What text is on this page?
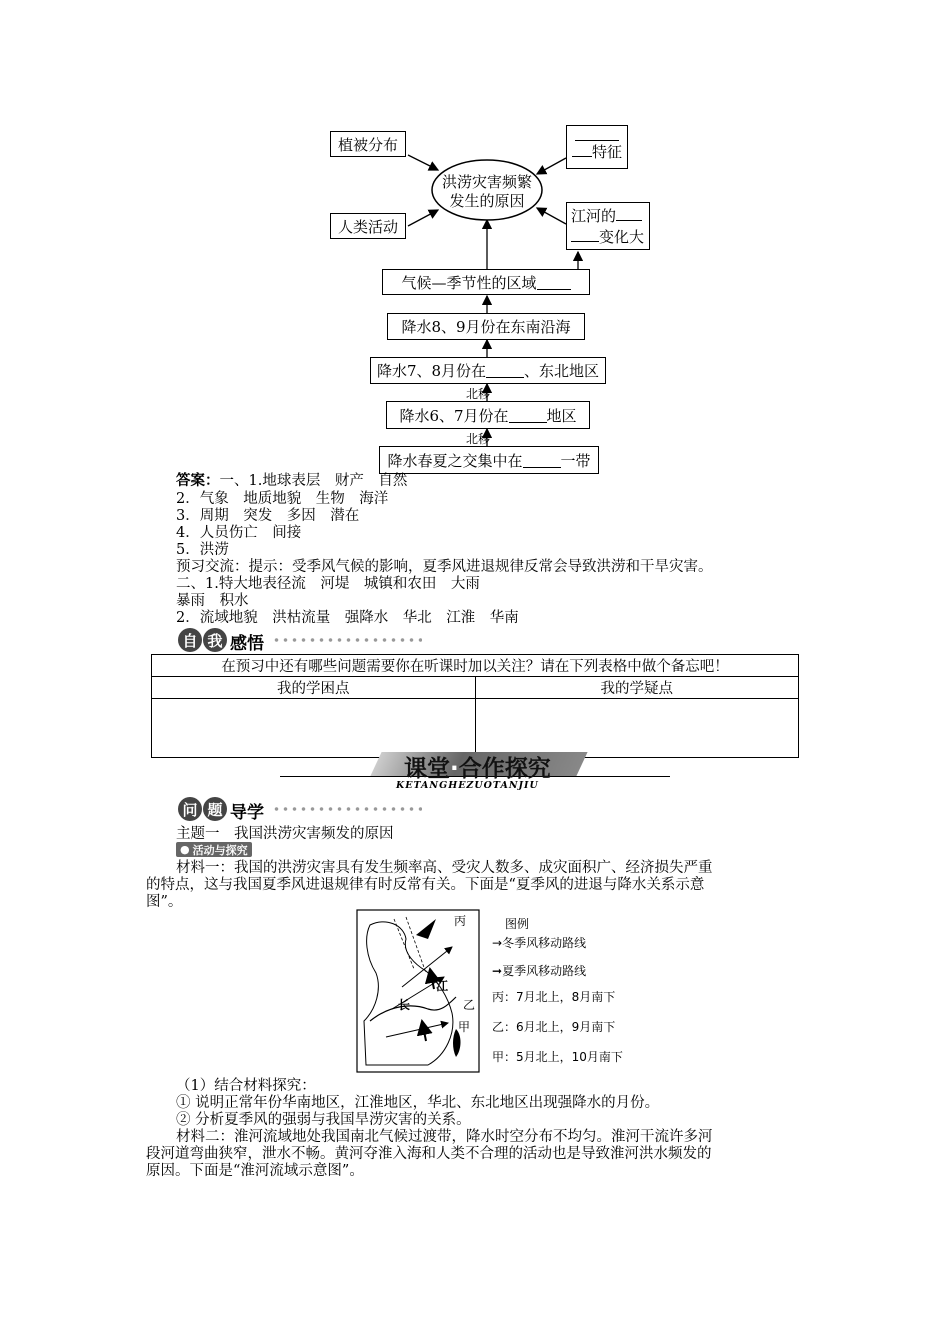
洪涝灾害频繁
发生的原因
植被分布
人类活动
特征
江河的
变化大
气候—季节性的区域
降水8、9月份在东南沿海
降水7、8月份在	、东北地区
北移
降水6、7月份在	地区
北移
降水春夏之交集中在	一带
答案：一、1.地球表层　财产　自然
2．气象　地质地貌　生物　海洋
3．周期　突发　多因　潜在
4．人员伤亡　间接
5．洪涝
预习交流：提示：受季风气候的影响，夏季风进退规律反常会导致洪涝和干旱灾害。
二、1.特大地表径流　河堤　城镇和农田　大雨
暴雨　积水
2．流域地貌　洪枯流量　强降水　华北　江淮　华南
自 我 感悟
在预习中还有哪些问题需要你在听课时加以关注？请在下列表格中做个备忘吧！	
我的学困点	我的学疑点

课堂·合作探究
KETANGHEZUOTANJIU
问 题 导学
主题一　我国洪涝灾害频发的原因
● 活动与探究
材料一：我国的洪涝灾害具有发生频率高、受灾人数多、成灾面积广、经济损失严重
的特点，这与我国夏季风进退规律有时反常有关。下面是“夏季风的进退与降水关系示意
图”。
丙
江
长	乙
甲
图例
→冬季风移动路线
➞夏季风移动路线
丙：7月北上，8月南下
乙：6月北上，9月南下
甲：5月北上，10月南下
（1）结合材料探究：
① 说明正常年份华南地区，江淮地区，华北、东北地区出现强降水的月份。
② 分析夏季风的强弱与我国旱涝灾害的关系。
材料二：淮河流域地处我国南北气候过渡带，降水时空分布不均匀。淮河干流许多河
段河道弯曲狭窄，泄水不畅。黄河夺淮入海和人类不合理的活动也是导致淮河洪水频发的
原因。下面是“淮河流域示意图”。
